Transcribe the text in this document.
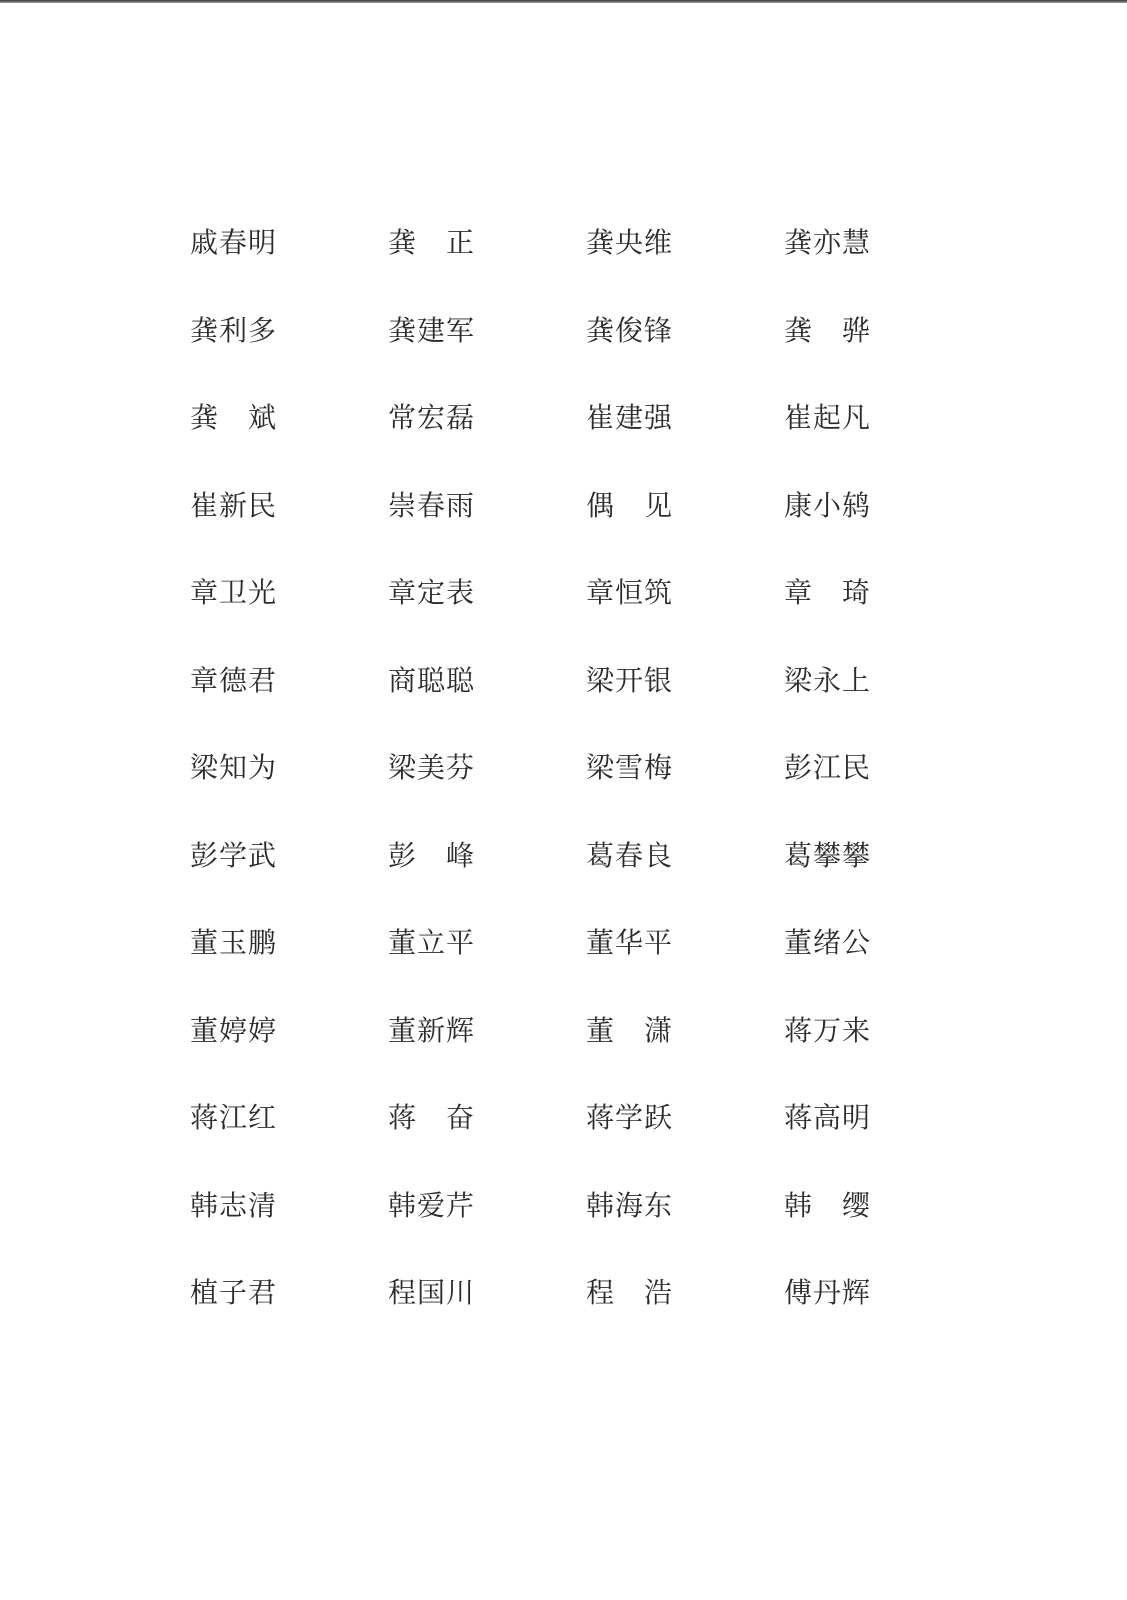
戚春明	龚　正	龚央维	龚亦慧
龚利多	龚建军	龚俊锋	龚　骅
龚　斌	常宏磊	崔建强	崔起凡
崔新民	崇春雨	偶　见	康小鸫
章卫光	章定表	章恒筑	章　琦
章德君	商聪聪	梁开银	梁永上
梁知为	梁美芬	梁雪梅	彭江民
彭学武	彭　峰	葛春良	葛攀攀
董玉鹏	董立平	董华平	董绪公
董婷婷	董新辉	董　潇	蒋万来
蒋江红	蒋　奋	蒋学跃	蒋高明
韩志清	韩爱芹	韩海东	韩　缨
植子君	程国川	程　浩	傅丹辉
